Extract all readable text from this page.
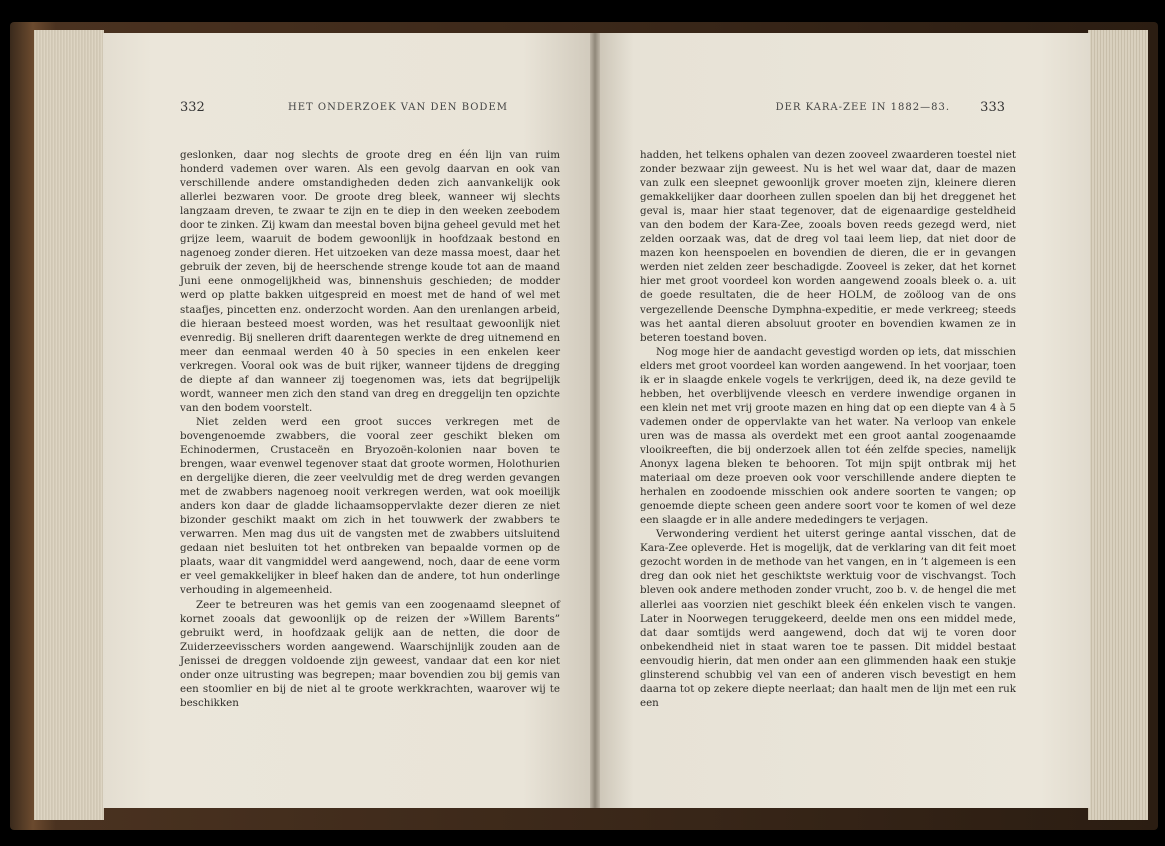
332	HET ONDERZOEK VAN DEN BODEM

geslonken, daar nog slechts de groote dreg en één lijn van ruim honderd vademen over waren. Als een gevolg daarvan en ook van verschillende andere omstandigheden deden zich aanvankelijk ook allerlei bezwaren voor. De groote dreg bleek, wanneer wij slechts langzaam dreven, te zwaar te zijn en te diep in den weeken zeebodem door te zinken. Zij kwam dan meestal boven bijna geheel gevuld met het grijze leem, waaruit de bodem gewoonlijk in hoofdzaak bestond en nagenoeg zonder dieren. Het uitzoeken van deze massa moest, daar het gebruik der zeven, bij de heerschende strenge koude tot aan de maand Juni eene onmogelijkheid was, binnenshuis geschieden; de modder werd op platte bakken uitgespreid en moest met de hand of wel met staafjes, pincetten enz. onderzocht worden. Aan den urenlangen arbeid, die hieraan besteed moest worden, was het resultaat gewoonlijk niet evenredig. Bij snelleren drift daarentegen werkte de dreg uitnemend en meer dan eenmaal werden 40 à 50 species in een enkelen keer verkregen. Vooral ook was de buit rijker, wanneer tijdens de dregging de diepte af dan wanneer zij toegenomen was, iets dat begrijpelijk wordt, wanneer men zich den stand van dreg en dreggelijn ten opzichte van den bodem voorstelt.

Niet zelden werd een groot succes verkregen met de bovengenoemde zwabbers, die vooral zeer geschikt bleken om Echinodermen, Crustaceën en Bryozoën-kolonien naar boven te brengen, waar evenwel tegenover staat dat groote wormen, Holothurien en dergelijke dieren, die zeer veelvuldig met de dreg werden gevangen met de zwabbers nagenoeg nooit verkregen werden, wat ook moeilijk anders kon daar de gladde lichaamsoppervlakte dezer dieren ze niet bizonder geschikt maakt om zich in het touwwerk der zwabbers te verwarren. Men mag dus uit de vangsten met de zwabbers uitsluitend gedaan niet besluiten tot het ontbreken van bepaalde vormen op de plaats, waar dit vangmiddel werd aangewend, noch, daar de eene vorm er veel gemakkelijker in bleef haken dan de andere, tot hun onderlinge verhouding in algemeenheid.

Zeer te betreuren was het gemis van een zoogenaamd sleepnet of kornet zooals dat gewoonlijk op de reizen der »Willem Barents” gebruikt werd, in hoofdzaak gelijk aan de netten, die door de Zuiderzeevisschers worden aangewend. Waarschijnlijk zouden aan de Jenissei de dreggen voldoende zijn geweest, vandaar dat een kor niet onder onze uitrusting was begrepen; maar bovendien zou bij gemis van een stoomlier en bij de niet al te groote werkkrachten, waarover wij te beschikken

DER KARA-ZEE IN 1882—83. 333

hadden, het telkens ophalen van dezen zooveel zwaarderen toestel niet zonder bezwaar zijn geweest. Nu is het wel waar dat, daar de mazen van zulk een sleepnet gewoonlijk grover moeten zijn, kleinere dieren gemakkelijker daar doorheen zullen spoelen dan bij het dreggenet het geval is, maar hier staat tegenover, dat de eigenaardige gesteldheid van den bodem der Kara-Zee, zooals boven reeds gezegd werd, niet zelden oorzaak was, dat de dreg vol taai leem liep, dat niet door de mazen kon heenspoelen en bovendien de dieren, die er in gevangen werden niet zelden zeer beschadigde. Zooveel is zeker, dat het kornet hier met groot voordeel kon worden aangewend zooals bleek o. a. uit de goede resultaten, die de heer HOLM, de zoöloog van de ons vergezellende Deensche Dymphna-expeditie, er mede verkreeg; steeds was het aantal dieren absoluut grooter en bovendien kwamen ze in beteren toestand boven.

Nog moge hier de aandacht gevestigd worden op iets, dat misschien elders met groot voordeel kan worden aangewend. In het voorjaar, toen ik er in slaagde enkele vogels te verkrijgen, deed ik, na deze gevild te hebben, het overblijvende vleesch en verdere inwendige organen in een klein net met vrij groote mazen en hing dat op een diepte van 4 à 5 vademen onder de oppervlakte van het water. Na verloop van enkele uren was de massa als overdekt met een groot aantal zoogenaamde vlooikreeften, die bij onderzoek allen tot één zelfde species, namelijk Anonyx lagena bleken te behooren. Tot mijn spijt ontbrak mij het materiaal om deze proeven ook voor verschillende andere diepten te herhalen en zoodoende misschien ook andere soorten te vangen; op genoemde diepte scheen geen andere soort voor te komen of wel deze een slaagde er in alle andere mededingers te verjagen.

Verwondering verdient het uiterst geringe aantal visschen, dat de Kara-Zee opleverde. Het is mogelijk, dat de verklaring van dit feit moet gezocht worden in de methode van het vangen, en in ’t algemeen is een dreg dan ook niet het geschiktste werktuig voor de vischvangst. Toch bleven ook andere methoden zonder vrucht, zoo b. v. de hengel die met allerlei aas voorzien niet geschikt bleek één enkelen visch te vangen. Later in Noorwegen teruggekeerd, deelde men ons een middel mede, dat daar somtijds werd aangewend, doch dat wij te voren door onbekendheid niet in staat waren toe te passen. Dit middel bestaat eenvoudig hierin, dat men onder aan een glimmenden haak een stukje glinsterend schubbig vel van een of anderen visch bevestigt en hem daarna tot op zekere diepte neerlaat; dan haalt men de lijn met een ruk een
